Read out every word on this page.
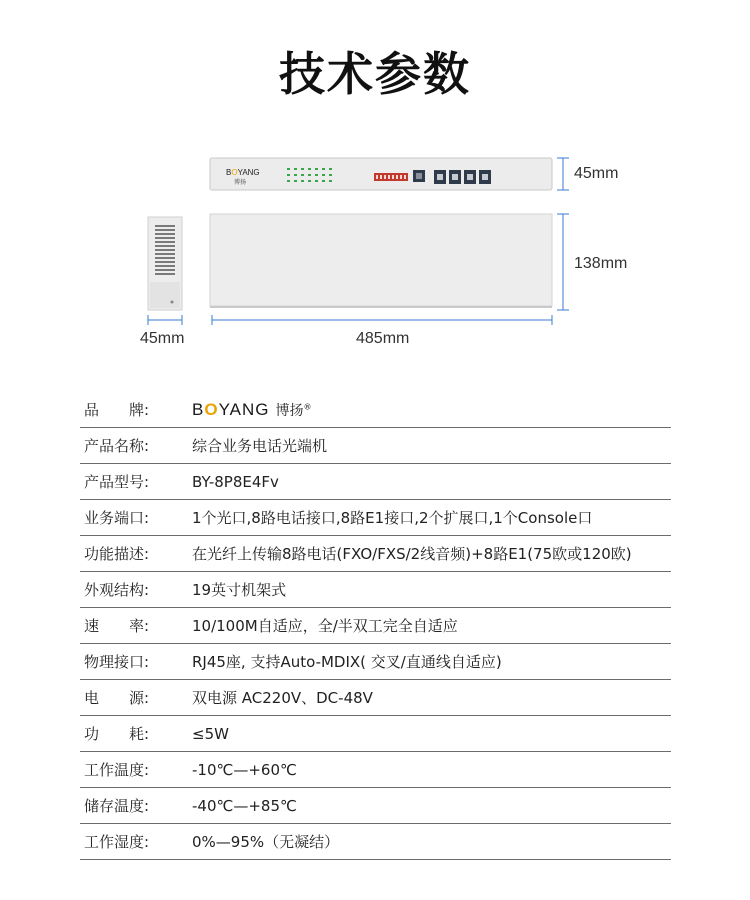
技术参数
BOYANG
博扬
45mm
138mm
45mm	485mm
品　　牌:	BOYANG 博扬®
产品名称:	综合业务电话光端机
产品型号:	BY-8P8E4Fv
业务端口:	1个光口,8路电话接口,8路E1接口,2个扩展口,1个Console口
功能描述:	在光纤上传输8路电话(FXO/FXS/2线音频)+8路E1(75欧或120欧)
外观结构:	19英寸机架式
速　　率:	10/100M自适应，全/半双工完全自适应
物理接口:	RJ45座, 支持Auto-MDIX( 交叉/直通线自适应)
电　　源:	双电源 AC220V、DC-48V
功　　耗:	≤5W
工作温度:	-10℃—+60℃
储存温度:	-40℃—+85℃
工作湿度:	0%—95%（无凝结）
